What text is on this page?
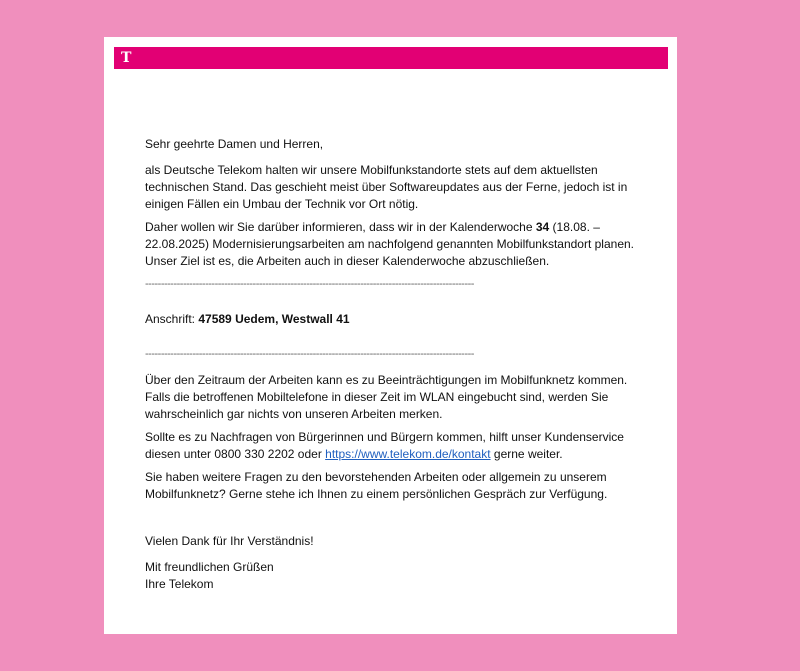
T

Sehr geehrte Damen und Herren,

als Deutsche Telekom halten wir unsere Mobilfunkstandorte stets auf dem aktuellsten technischen Stand. Das geschieht meist über Softwareupdates aus der Ferne, jedoch ist in einigen Fällen ein Umbau der Technik vor Ort nötig.

Daher wollen wir Sie darüber informieren, dass wir in der Kalenderwoche 34 (18.08. – 22.08.2025) Modernisierungsarbeiten am nachfolgend genannten Mobilfunkstandort planen. Unser Ziel ist es, die Arbeiten auch in dieser Kalenderwoche abzuschließen.

--------------------------------------------------------------------------------------------------------

Anschrift: 47589 Uedem, Westwall 41

--------------------------------------------------------------------------------------------------------

Über den Zeitraum der Arbeiten kann es zu Beeinträchtigungen im Mobilfunknetz kommen. Falls die betroffenen Mobiltelefone in dieser Zeit im WLAN eingebucht sind, werden Sie wahrscheinlich gar nichts von unseren Arbeiten merken.

Sollte es zu Nachfragen von Bürgerinnen und Bürgern kommen, hilft unser Kundenservice diesen unter 0800 330 2202 oder https://www.telekom.de/kontakt gerne weiter.

Sie haben weitere Fragen zu den bevorstehenden Arbeiten oder allgemein zu unserem Mobilfunknetz? Gerne stehe ich Ihnen zu einem persönlichen Gespräch zur Verfügung.

Vielen Dank für Ihr Verständnis!

Mit freundlichen Grüßen

Ihre Telekom
